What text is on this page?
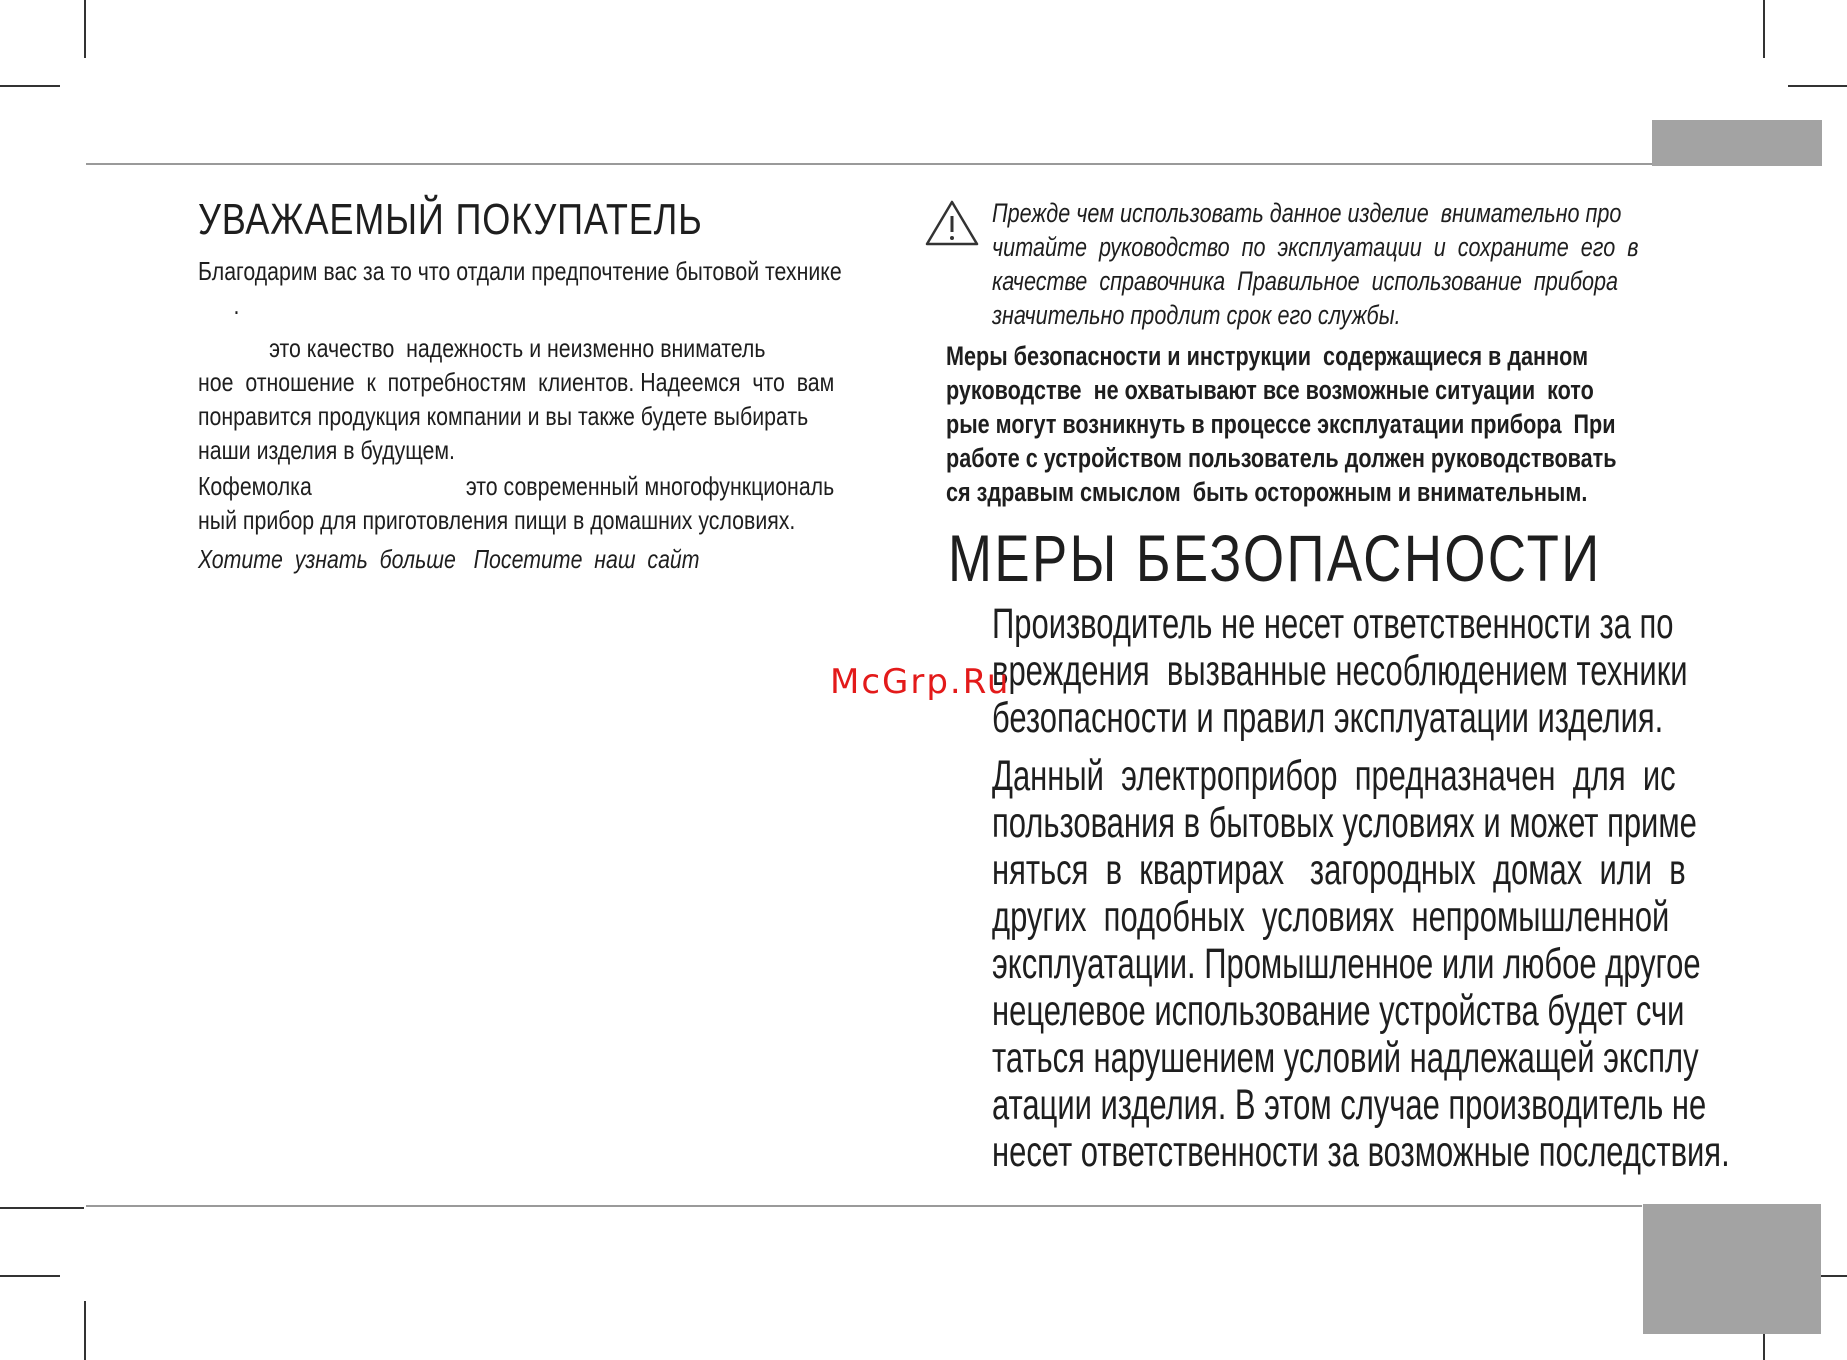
УВАЖАЕМЫЙ ПОКУПАТЕЛЬ

Благодарим вас за то что отдали предпочтение бытовой технике
.

это качество  надежность и неизменно вниматель
ное  отношение  к  потребностям  клиентов. Надеемся  что  вам
понравится продукция компании и вы также будете выбирать
наши изделия в будущем.

Кофемолка                          это современный многофункциональ
ный прибор для приготовления пищи в домашних условиях.

Хотите  узнать  больше   Посетите  наш  сайт

Прежде чем использовать данное изделие  внимательно про
читайте  руководство  по  эксплуатации  и  сохраните  его  в
качестве  справочника  Правильное  использование  прибора
значительно продлит срок его службы.

Меры безопасности и инструкции  содержащиеся в данном
руководстве  не охватывают все возможные ситуации  кото
рые могут возникнуть в процессе эксплуатации прибора  При
работе с устройством пользователь должен руководствовать
ся здравым смыслом  быть осторожным и внимательным.

МЕРЫ БЕЗОПАСНОСТИ

Производитель не несет ответственности за по
вреждения  вызванные несоблюдением техники
безопасности и правил эксплуатации изделия.

Данный  электроприбор  предназначен  для  ис
пользования в бытовых условиях и может приме
няться  в  квартирах   загородных  домах  или  в
других  подобных  условиях  непромышленной
эксплуатации. Промышленное или любое другое
нецелевое использование устройства будет счи
таться нарушением условий надлежащей эксплу
атации изделия. В этом случае производитель не
несет ответственности за возможные последствия.

McGrp.Ru
